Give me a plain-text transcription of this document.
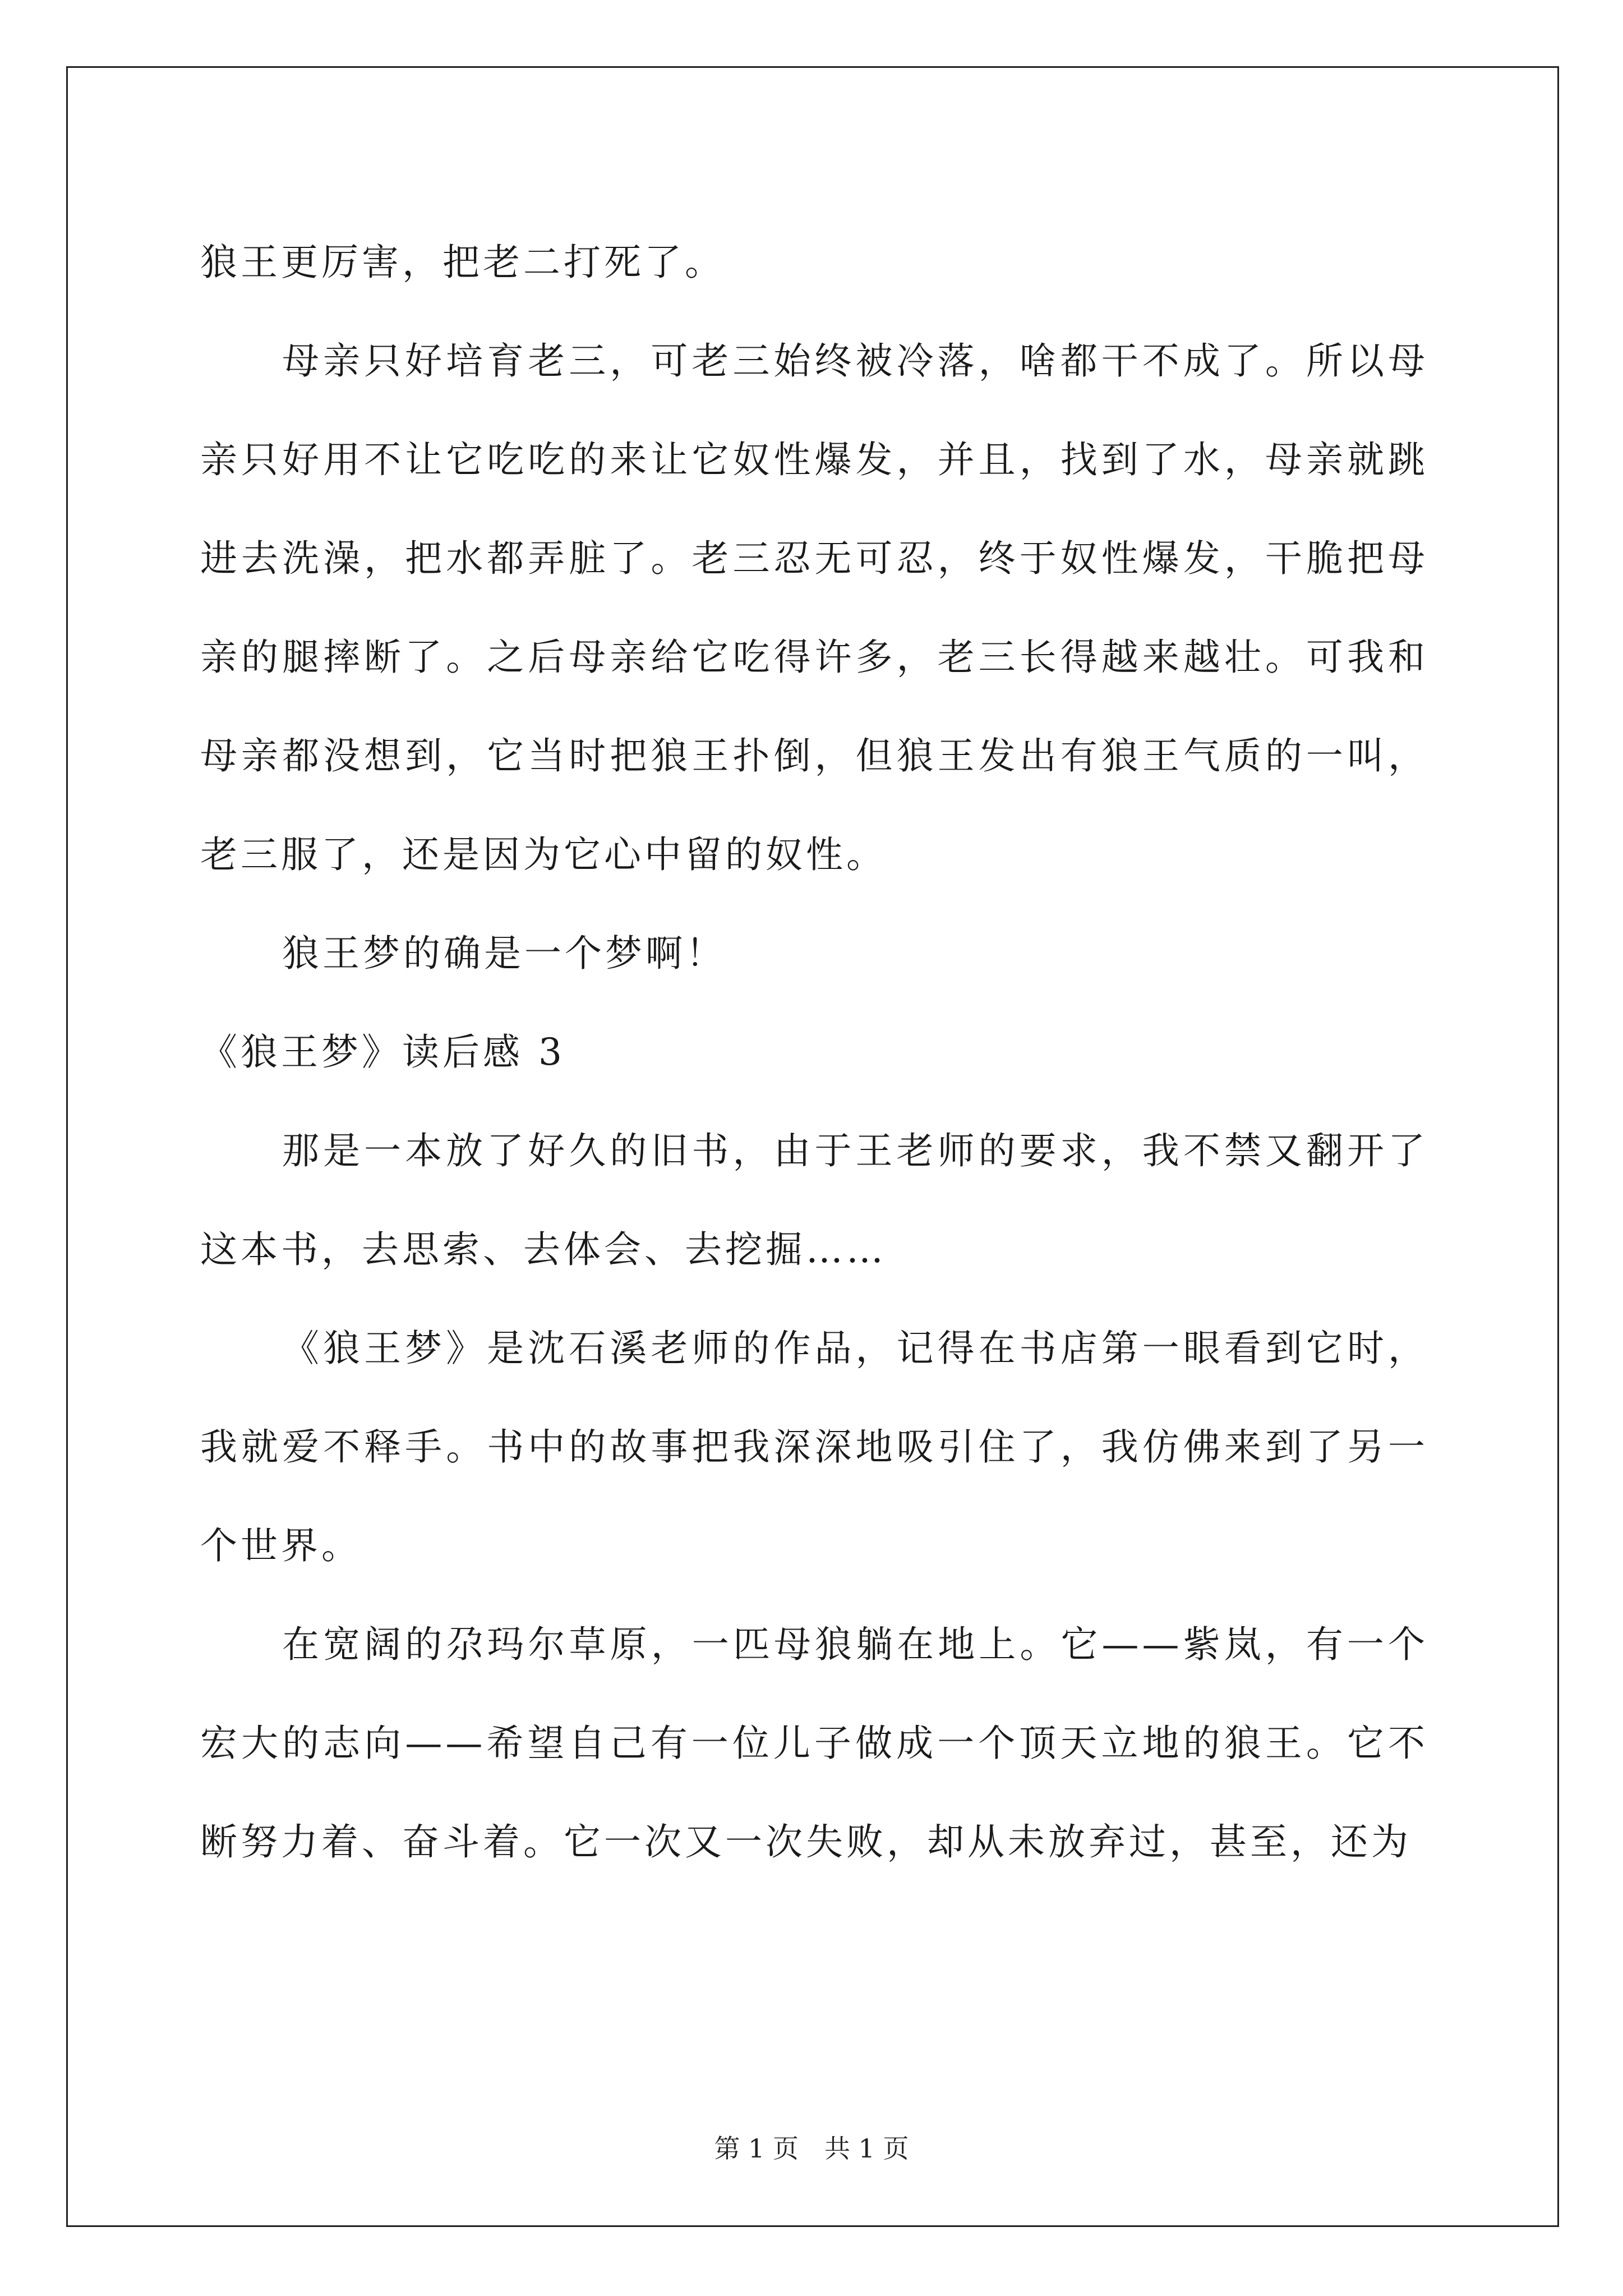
狼王更厉害，把老二打死了。

母亲只好培育老三，可老三始终被冷落，啥都干不成了。所以母亲只好用不让它吃吃的来让它奴性爆发，并且，找到了水，母亲就跳进去洗澡，把水都弄脏了。老三忍无可忍，终于奴性爆发，干脆把母亲的腿摔断了。之后母亲给它吃得许多，老三长得越来越壮。可我和母亲都没想到，它当时把狼王扑倒，但狼王发出有狼王气质的一叫，老三服了，还是因为它心中留的奴性。

狼王梦的确是一个梦啊！

《狼王梦》读后感 3

那是一本放了好久的旧书，由于王老师的要求，我不禁又翻开了这本书，去思索、去体会、去挖掘……

《狼王梦》是沈石溪老师的作品，记得在书店第一眼看到它时，我就爱不释手。书中的故事把我深深地吸引住了，我仿佛来到了另一个世界。

在宽阔的尕玛尔草原，一匹母狼躺在地上。它——紫岚，有一个宏大的志向——希望自己有一位儿子做成一个顶天立地的狼王。它不断努力着、奋斗着。它一次又一次失败，却从未放弃过，甚至，还为

第 1 页 共 1 页
